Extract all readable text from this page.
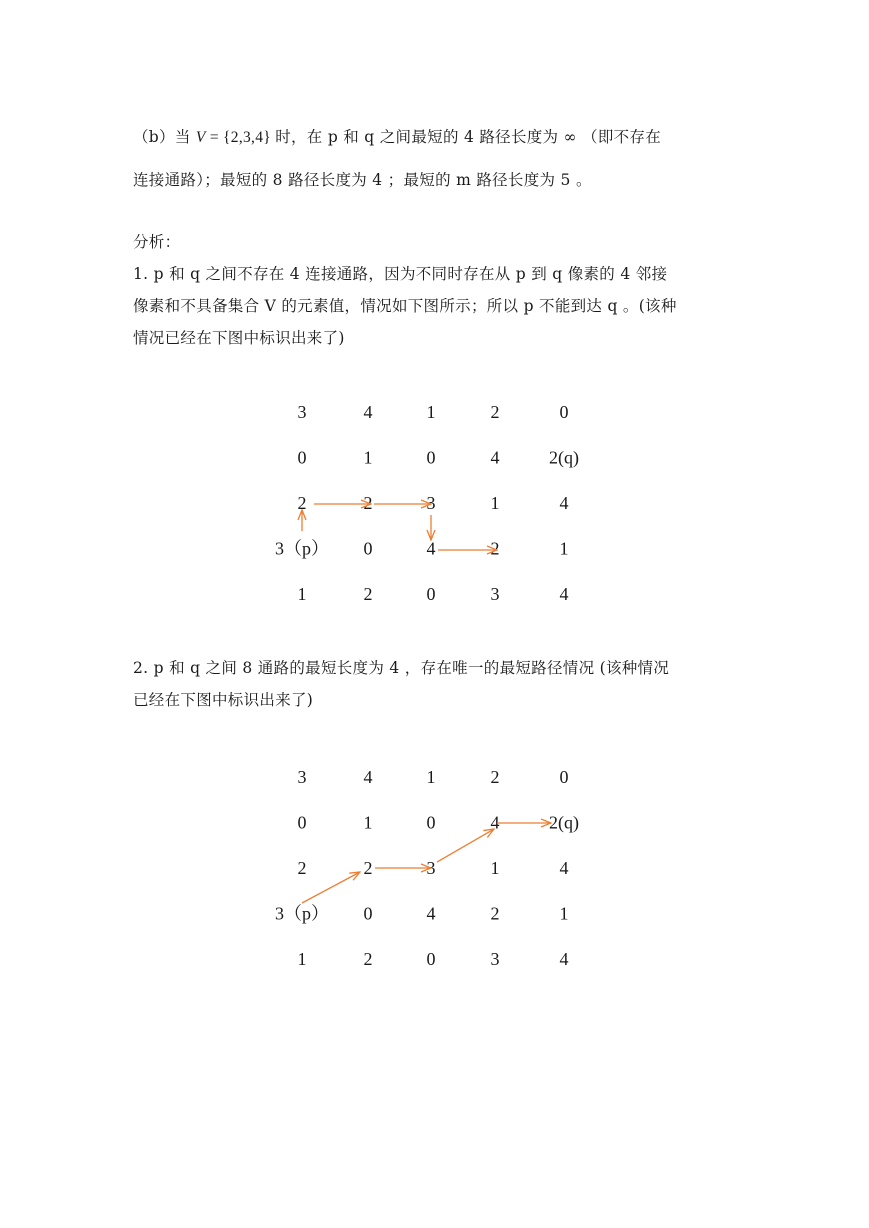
（b）当 V = {2,3,4} 时，在 p 和 q 之间最短的 4 路径长度为 ∞ （即不存在
连接通路）；最短的 8 路径长度为 4 ；最短的 m 路径长度为 5 。

分析：

1. p 和 q 之间不存在 4 连接通路，因为不同时存在从 p 到 q 像素的 4 邻接
像素和不具备集合 V 的元素值，情况如下图所示；所以 p 不能到达 q 。(该种
情况已经在下图中标识出来了)

2. p 和 q 之间 8 通路的最短长度为 4 ，存在唯一的最短路径情况 (该种情况
已经在下图中标识出来了)

3	4	1	2	0
0	1	0	4	2(q)
2	2	3	1	4
3（p） 0	4	2	1
1	2	0	3	4
3	4	1	2	0
0	1	0	4	2(q)
2	2	3	1	4
3（p） 0	4	2	1
1	2	0	3	4
